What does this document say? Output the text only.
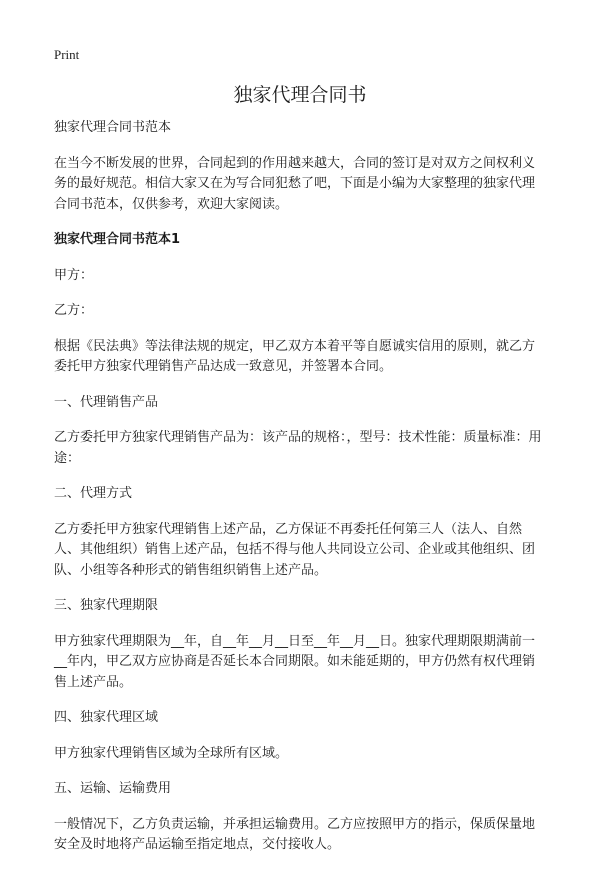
Print
独家代理合同书

独家代理合同书范本

在当今不断发展的世界，合同起到的作用越来越大，合同的签订是对双方之间权利义务的最好规范。相信大家又在为写合同犯愁了吧，下面是小编为大家整理的独家代理合同书范本，仅供参考，欢迎大家阅读。

独家代理合同书范本1

甲方：

乙方：

根据《民法典》等法律法规的规定，甲乙双方本着平等自愿诚实信用的原则，就乙方委托甲方独家代理销售产品达成一致意见，并签署本合同。

一、代理销售产品

乙方委托甲方独家代理销售产品为：该产品的规格：，型号：技术性能：质量标准：用途：

二、代理方式

乙方委托甲方独家代理销售上述产品，乙方保证不再委托任何第三人（法人、自然人、其他组织）销售上述产品，包括不得与他人共同设立公司、企业或其他组织、团队、小组等各种形式的销售组织销售上述产品。

三、独家代理期限

甲方独家代理期限为__年，自__年__月__日至__年__月__日。独家代理期限期满前一__年内，甲乙双方应协商是否延长本合同期限。如未能延期的，甲方仍然有权代理销售上述产品。

四、独家代理区域

甲方独家代理销售区域为全球所有区域。

五、运输、运输费用

一般情况下，乙方负责运输，并承担运输费用。乙方应按照甲方的指示，保质保量地安全及时地将产品运输至指定地点，交付接收人。
